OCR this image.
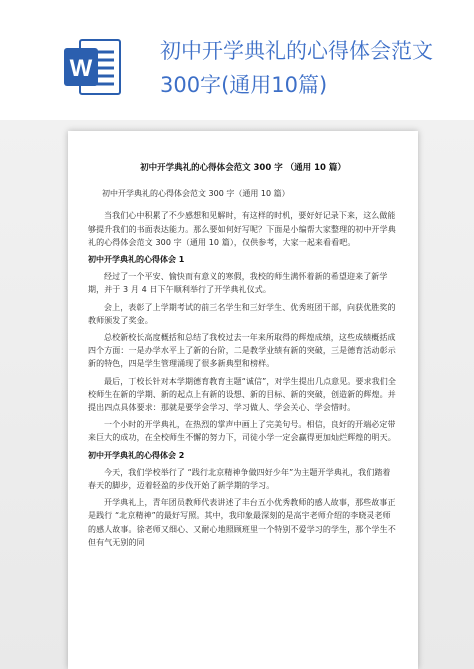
W
初中开学典礼的心得体会范文
300字(通用10篇)
初中开学典礼的心得体会范文 300 字 （通用 10 篇）
初中开学典礼的心得体会范文 300 字（通用 10 篇）
当我们心中积累了不少感想和见解时，有这样的时机，要好好记录下来，这么做能够提升我们的书面表达能力。那么要如何好写呢？下面是小编帮大家整理的初中开学典礼的心得体会范文 300 字（通用 10 篇），仅供参考，大家一起来看看吧。
初中开学典礼的心得体会 1
经过了一个平安、愉快而有意义的寒假，我校的师生满怀着新的希望迎来了新学期，并于 3 月 4 日下午顺利举行了开学典礼仪式。
会上，表彰了上学期考试的前三名学生和三好学生、优秀班团干部，向获优胜奖的教师颁发了奖金。
总校新校长高度概括和总结了我校过去一年来所取得的辉煌成绩，这些成绩概括成四个方面：一是办学水平上了新的台阶，二是教学业绩有新的突破，三是德育活动彰示新的特色，四是学生管理涌现了很多新典型和榜样。
最后，丁校长针对本学期德育教育主题“诚信”，对学生提出几点意见。要求我们全校师生在新的学期、新的起点上有新的设想、新的目标、新的突破，创造新的辉煌。并提出四点具体要求：那就是要学会学习、学习做人、学会关心、学会惜时。
一个小时的开学典礼，在热烈的掌声中画上了完美句号。相信，良好的开端必定带来巨大的成功，在全校师生不懈的努力下，司徒小学一定会赢得更加灿烂辉煌的明天。
初中开学典礼的心得体会 2
今天，我们学校举行了 “践行北京精神争做四好少年”为主题开学典礼，我们踏着春天的脚步，迈着轻盈的步伐开始了新学期的学习。
开学典礼上，青年团员教师代表讲述了丰台五小优秀教师的感人故事，那些故事正是践行 “北京精神”的最好写照。其中，我印象最深刻的是高宇老师介绍的李晓灵老师的感人故事。徐老师又细心、又耐心地照顾班里一个特别不爱学习的学生，那个学生不但有气无别的同
